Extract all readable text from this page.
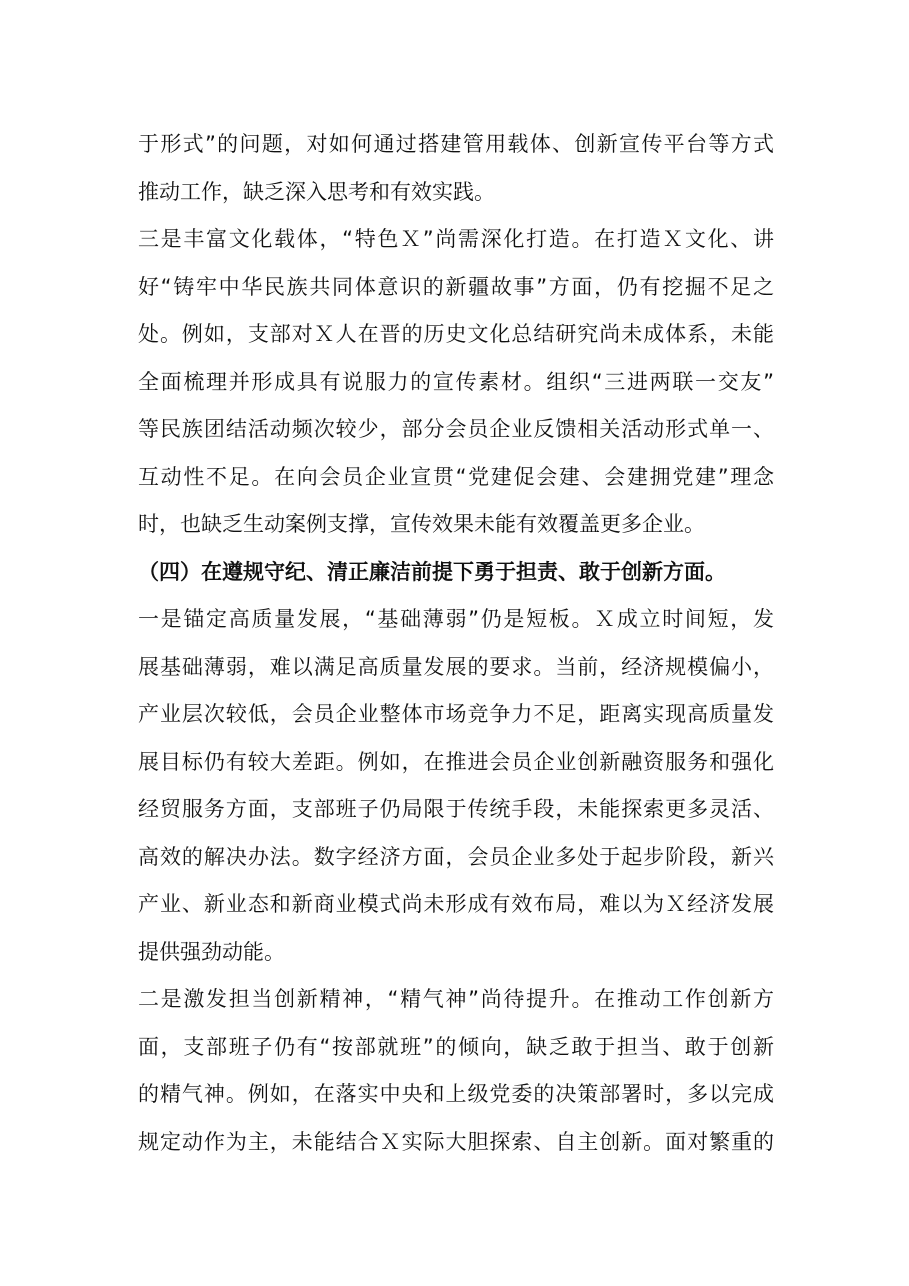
于形式”的问题，对如何通过搭建管用载体、创新宣传平台等方式
推动工作，缺乏深入思考和有效实践。
三是丰富文化载体，“特色Ｘ”尚需深化打造。在打造Ｘ文化、讲
好“铸牢中华民族共同体意识的新疆故事”方面，仍有挖掘不足之
处。例如，支部对Ｘ人在晋的历史文化总结研究尚未成体系，未能
全面梳理并形成具有说服力的宣传素材。组织“三进两联一交友”
等民族团结活动频次较少，部分会员企业反馈相关活动形式单一、
互动性不足。在向会员企业宣贯“党建促会建、会建拥党建”理念
时，也缺乏生动案例支撑，宣传效果未能有效覆盖更多企业。
（四）在遵规守纪、清正廉洁前提下勇于担责、敢于创新方面。
一是锚定高质量发展，“基础薄弱”仍是短板。Ｘ成立时间短，发
展基础薄弱，难以满足高质量发展的要求。当前，经济规模偏小，
产业层次较低，会员企业整体市场竞争力不足，距离实现高质量发
展目标仍有较大差距。例如，在推进会员企业创新融资服务和强化
经贸服务方面，支部班子仍局限于传统手段，未能探索更多灵活、
高效的解决办法。数字经济方面，会员企业多处于起步阶段，新兴
产业、新业态和新商业模式尚未形成有效布局，难以为Ｘ经济发展
提供强劲动能。
二是激发担当创新精神，“精气神”尚待提升。在推动工作创新方
面，支部班子仍有“按部就班”的倾向，缺乏敢于担当、敢于创新
的精气神。例如，在落实中央和上级党委的决策部署时，多以完成
规定动作为主，未能结合Ｘ实际大胆探索、自主创新。面对繁重的
